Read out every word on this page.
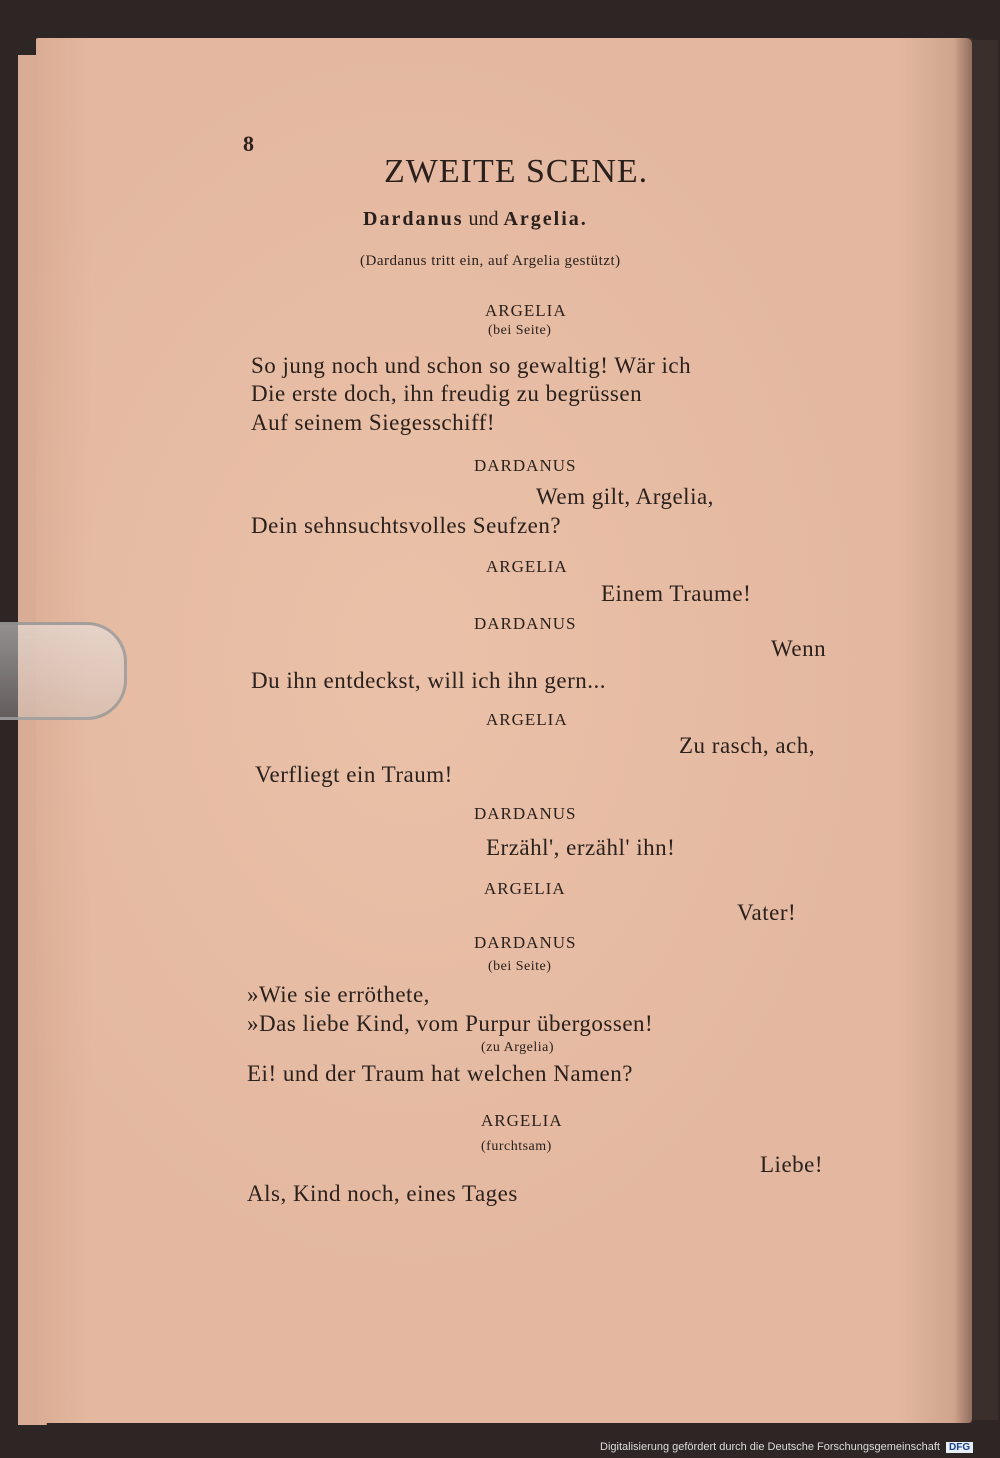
8
ZWEITE SCENE.
Dardanus und Argelia.
(Dardanus tritt ein, auf Argelia gestützt)
ARGELIA
(bei Seite)
So jung noch und schon so gewaltig! Wär ich
Die erste doch, ihn freudig zu begrüssen
Auf seinem Siegesschiff!
DARDANUS
Wem gilt, Argelia,
Dein sehnsuchtsvolles Seufzen?
ARGELIA
Einem Traume!
DARDANUS
Wenn
Du ihn entdeckst, will ich ihn gern...
ARGELIA
Zu rasch, ach,
Verfliegt ein Traum!
DARDANUS
Erzähl', erzähl' ihn!
ARGELIA
Vater!
DARDANUS
(bei Seite)
»Wie sie erröthete,
»Das liebe Kind, vom Purpur übergossen!
(zu Argelia)
Ei! und der Traum hat welchen Namen?
ARGELIA
(furchtsam)
Liebe!
Als, Kind noch, eines Tages
Digitalisierung gefördert durch die Deutsche Forschungsgemeinschaft DFG
